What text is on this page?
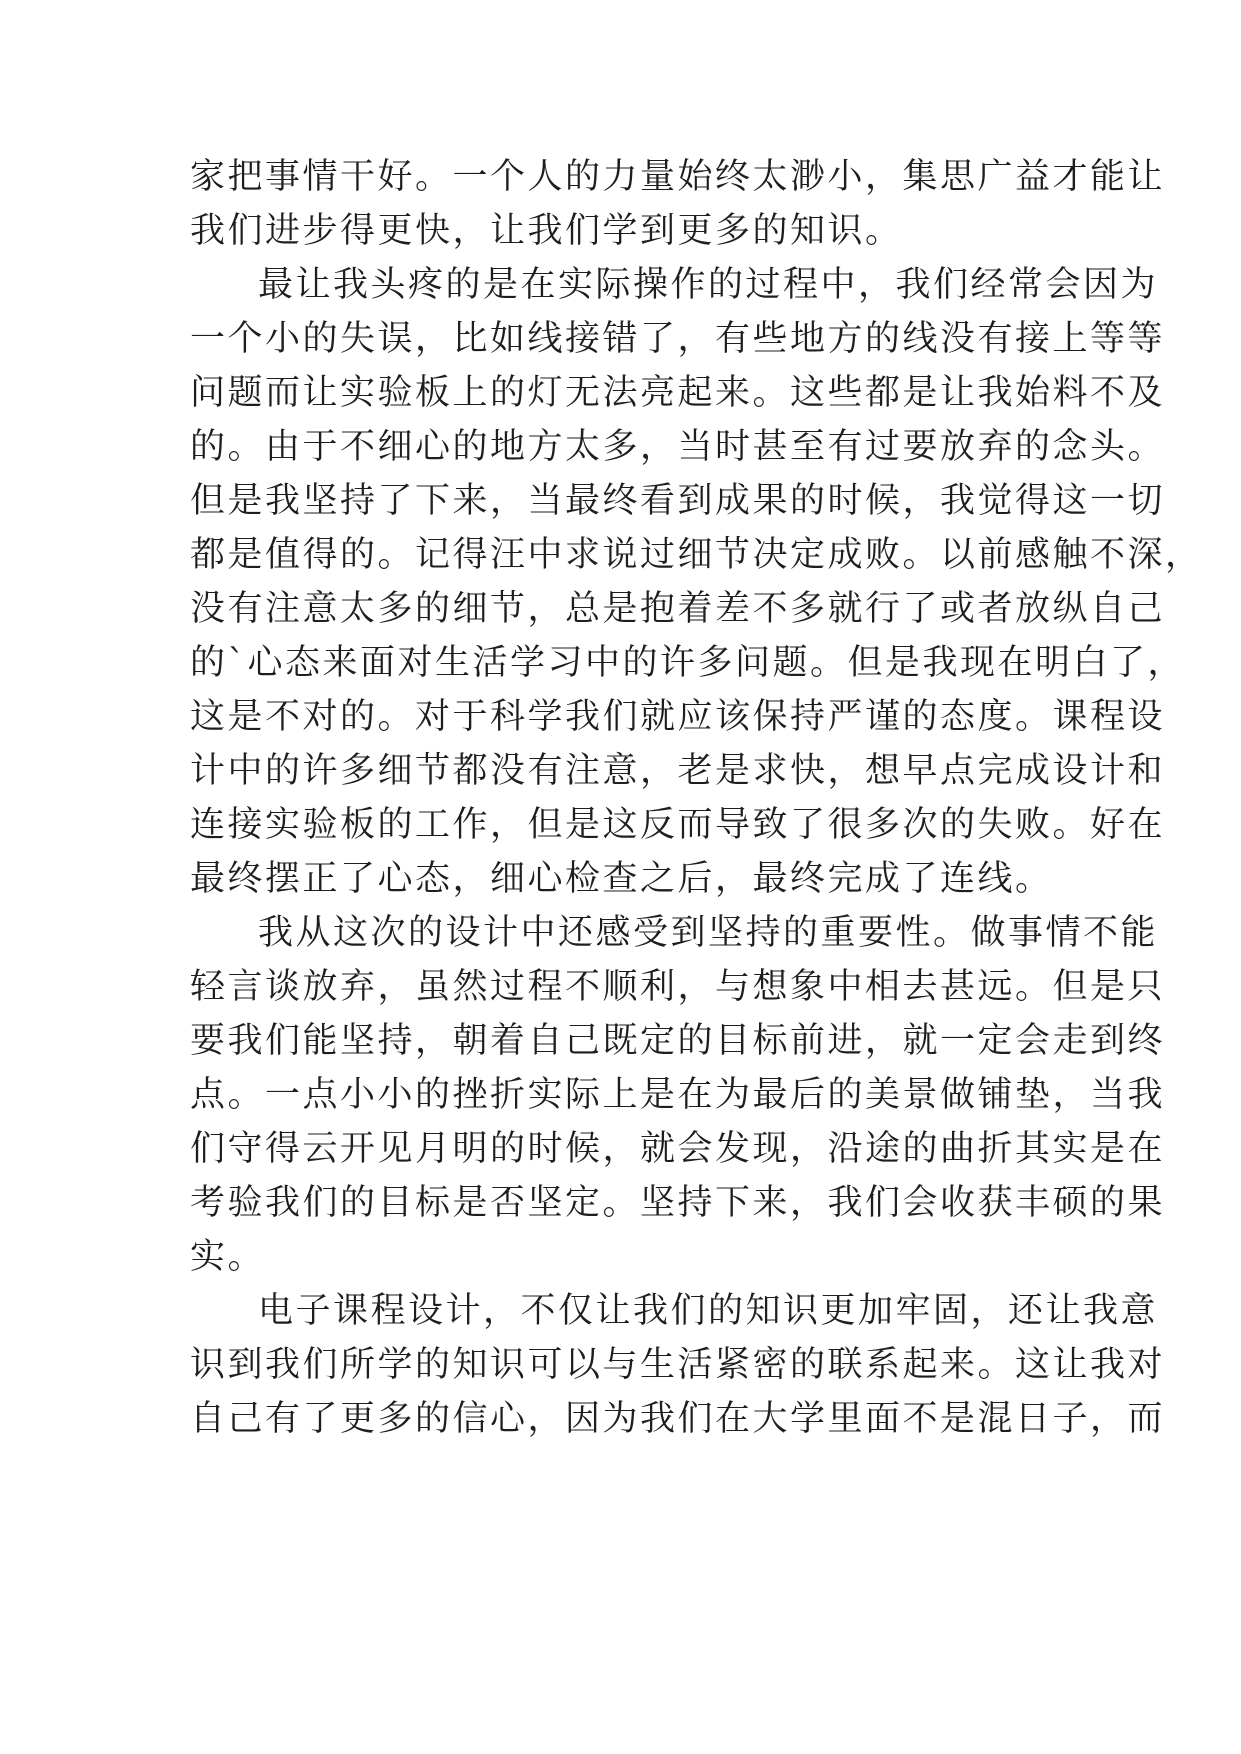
家把事情干好。一个人的力量始终太渺小，集思广益才能让
我们进步得更快，让我们学到更多的知识。
最让我头疼的是在实际操作的过程中，我们经常会因为
一个小的失误，比如线接错了，有些地方的线没有接上等等
问题而让实验板上的灯无法亮起来。这些都是让我始料不及
的。由于不细心的地方太多，当时甚至有过要放弃的念头。
但是我坚持了下来，当最终看到成果的时候，我觉得这一切
都是值得的。记得汪中求说过细节决定成败。以前感触不深，
没有注意太多的细节，总是抱着差不多就行了或者放纵自己
的`心态来面对生活学习中的许多问题。但是我现在明白了，
这是不对的。对于科学我们就应该保持严谨的态度。课程设
计中的许多细节都没有注意，老是求快，想早点完成设计和
连接实验板的工作，但是这反而导致了很多次的失败。好在
最终摆正了心态，细心检查之后，最终完成了连线。
我从这次的设计中还感受到坚持的重要性。做事情不能
轻言谈放弃，虽然过程不顺利，与想象中相去甚远。但是只
要我们能坚持，朝着自己既定的目标前进，就一定会走到终
点。一点小小的挫折实际上是在为最后的美景做铺垫，当我
们守得云开见月明的时候，就会发现，沿途的曲折其实是在
考验我们的目标是否坚定。坚持下来，我们会收获丰硕的果
实。
电子课程设计，不仅让我们的知识更加牢固，还让我意
识到我们所学的知识可以与生活紧密的联系起来。这让我对
自己有了更多的信心，因为我们在大学里面不是混日子，而
